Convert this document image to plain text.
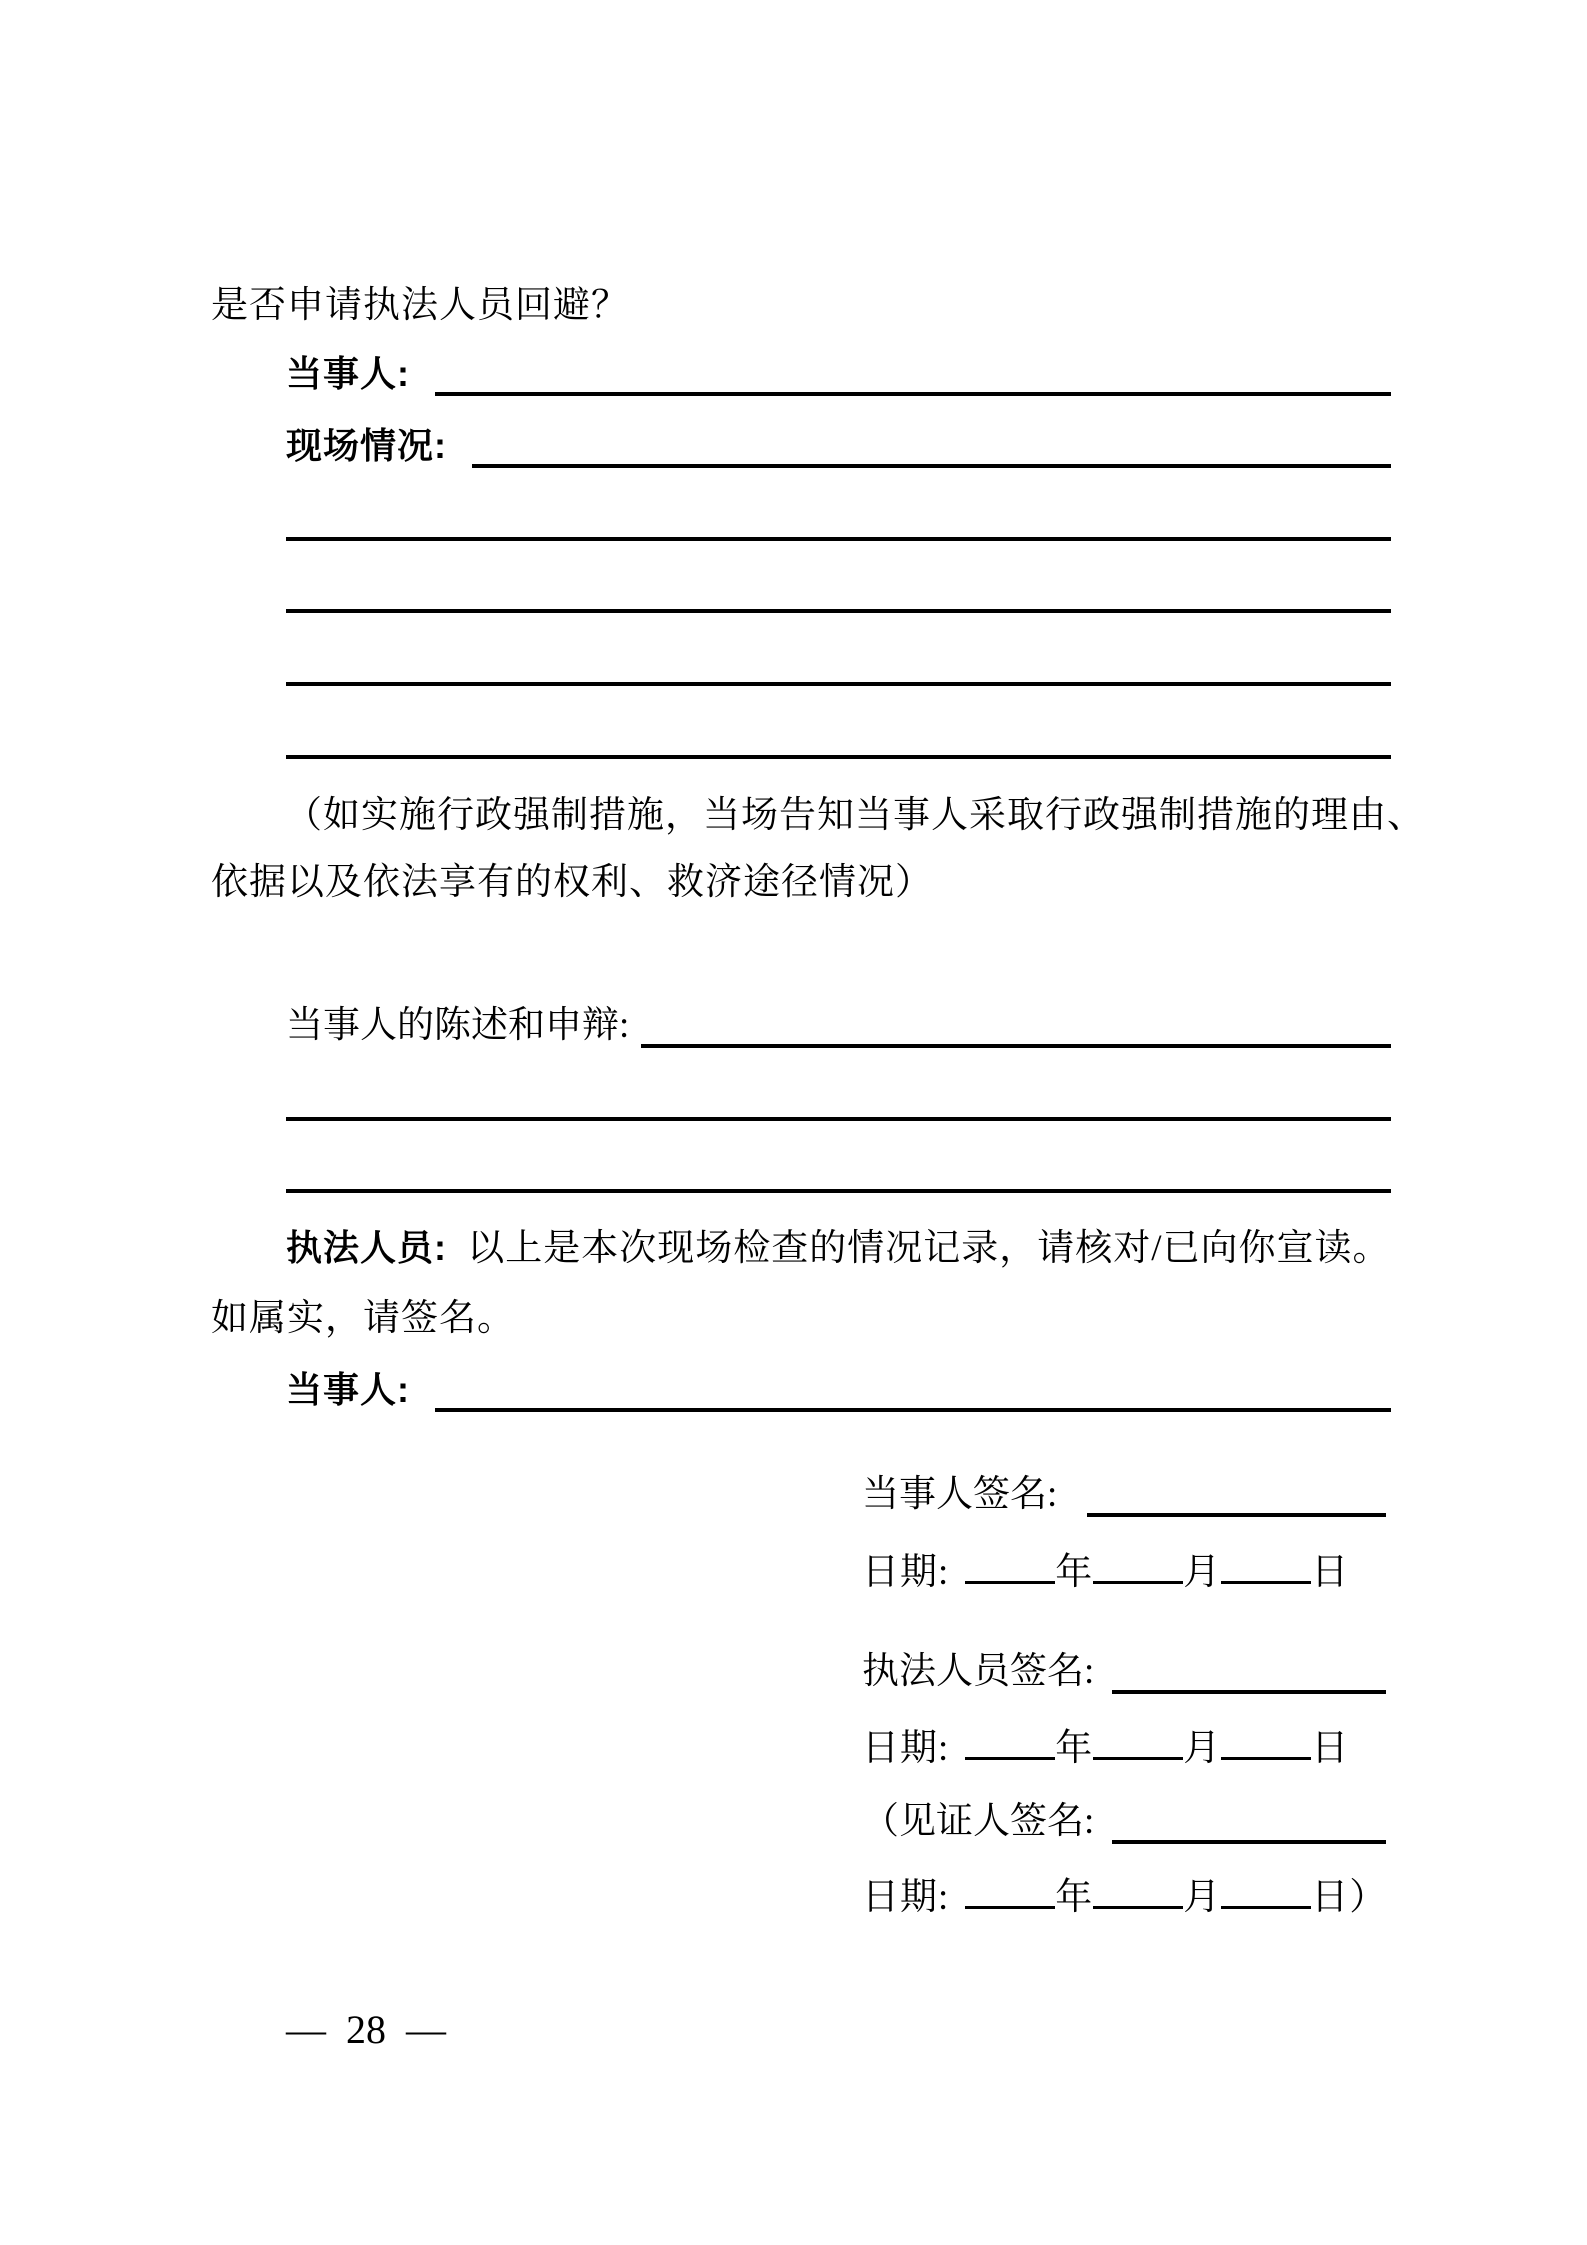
是否申请执法人员回避？
当事人:
现场情况:
（如实施行政强制措施，当场告知当事人采取行政强制措施的理由、
依据以及依法享有的权利、救济途径情况）
当事人的陈述和申辩:
执法人员: 以上是本次现场检查的情况记录，请核对/已向你宣读。
如属实，请签名。
当事人:
当事人签名:
日期:	年 月 日
执法人员签名:
日期:	年 月 日
（见证人签名:
日期:	年 月 日）
— 28 —
